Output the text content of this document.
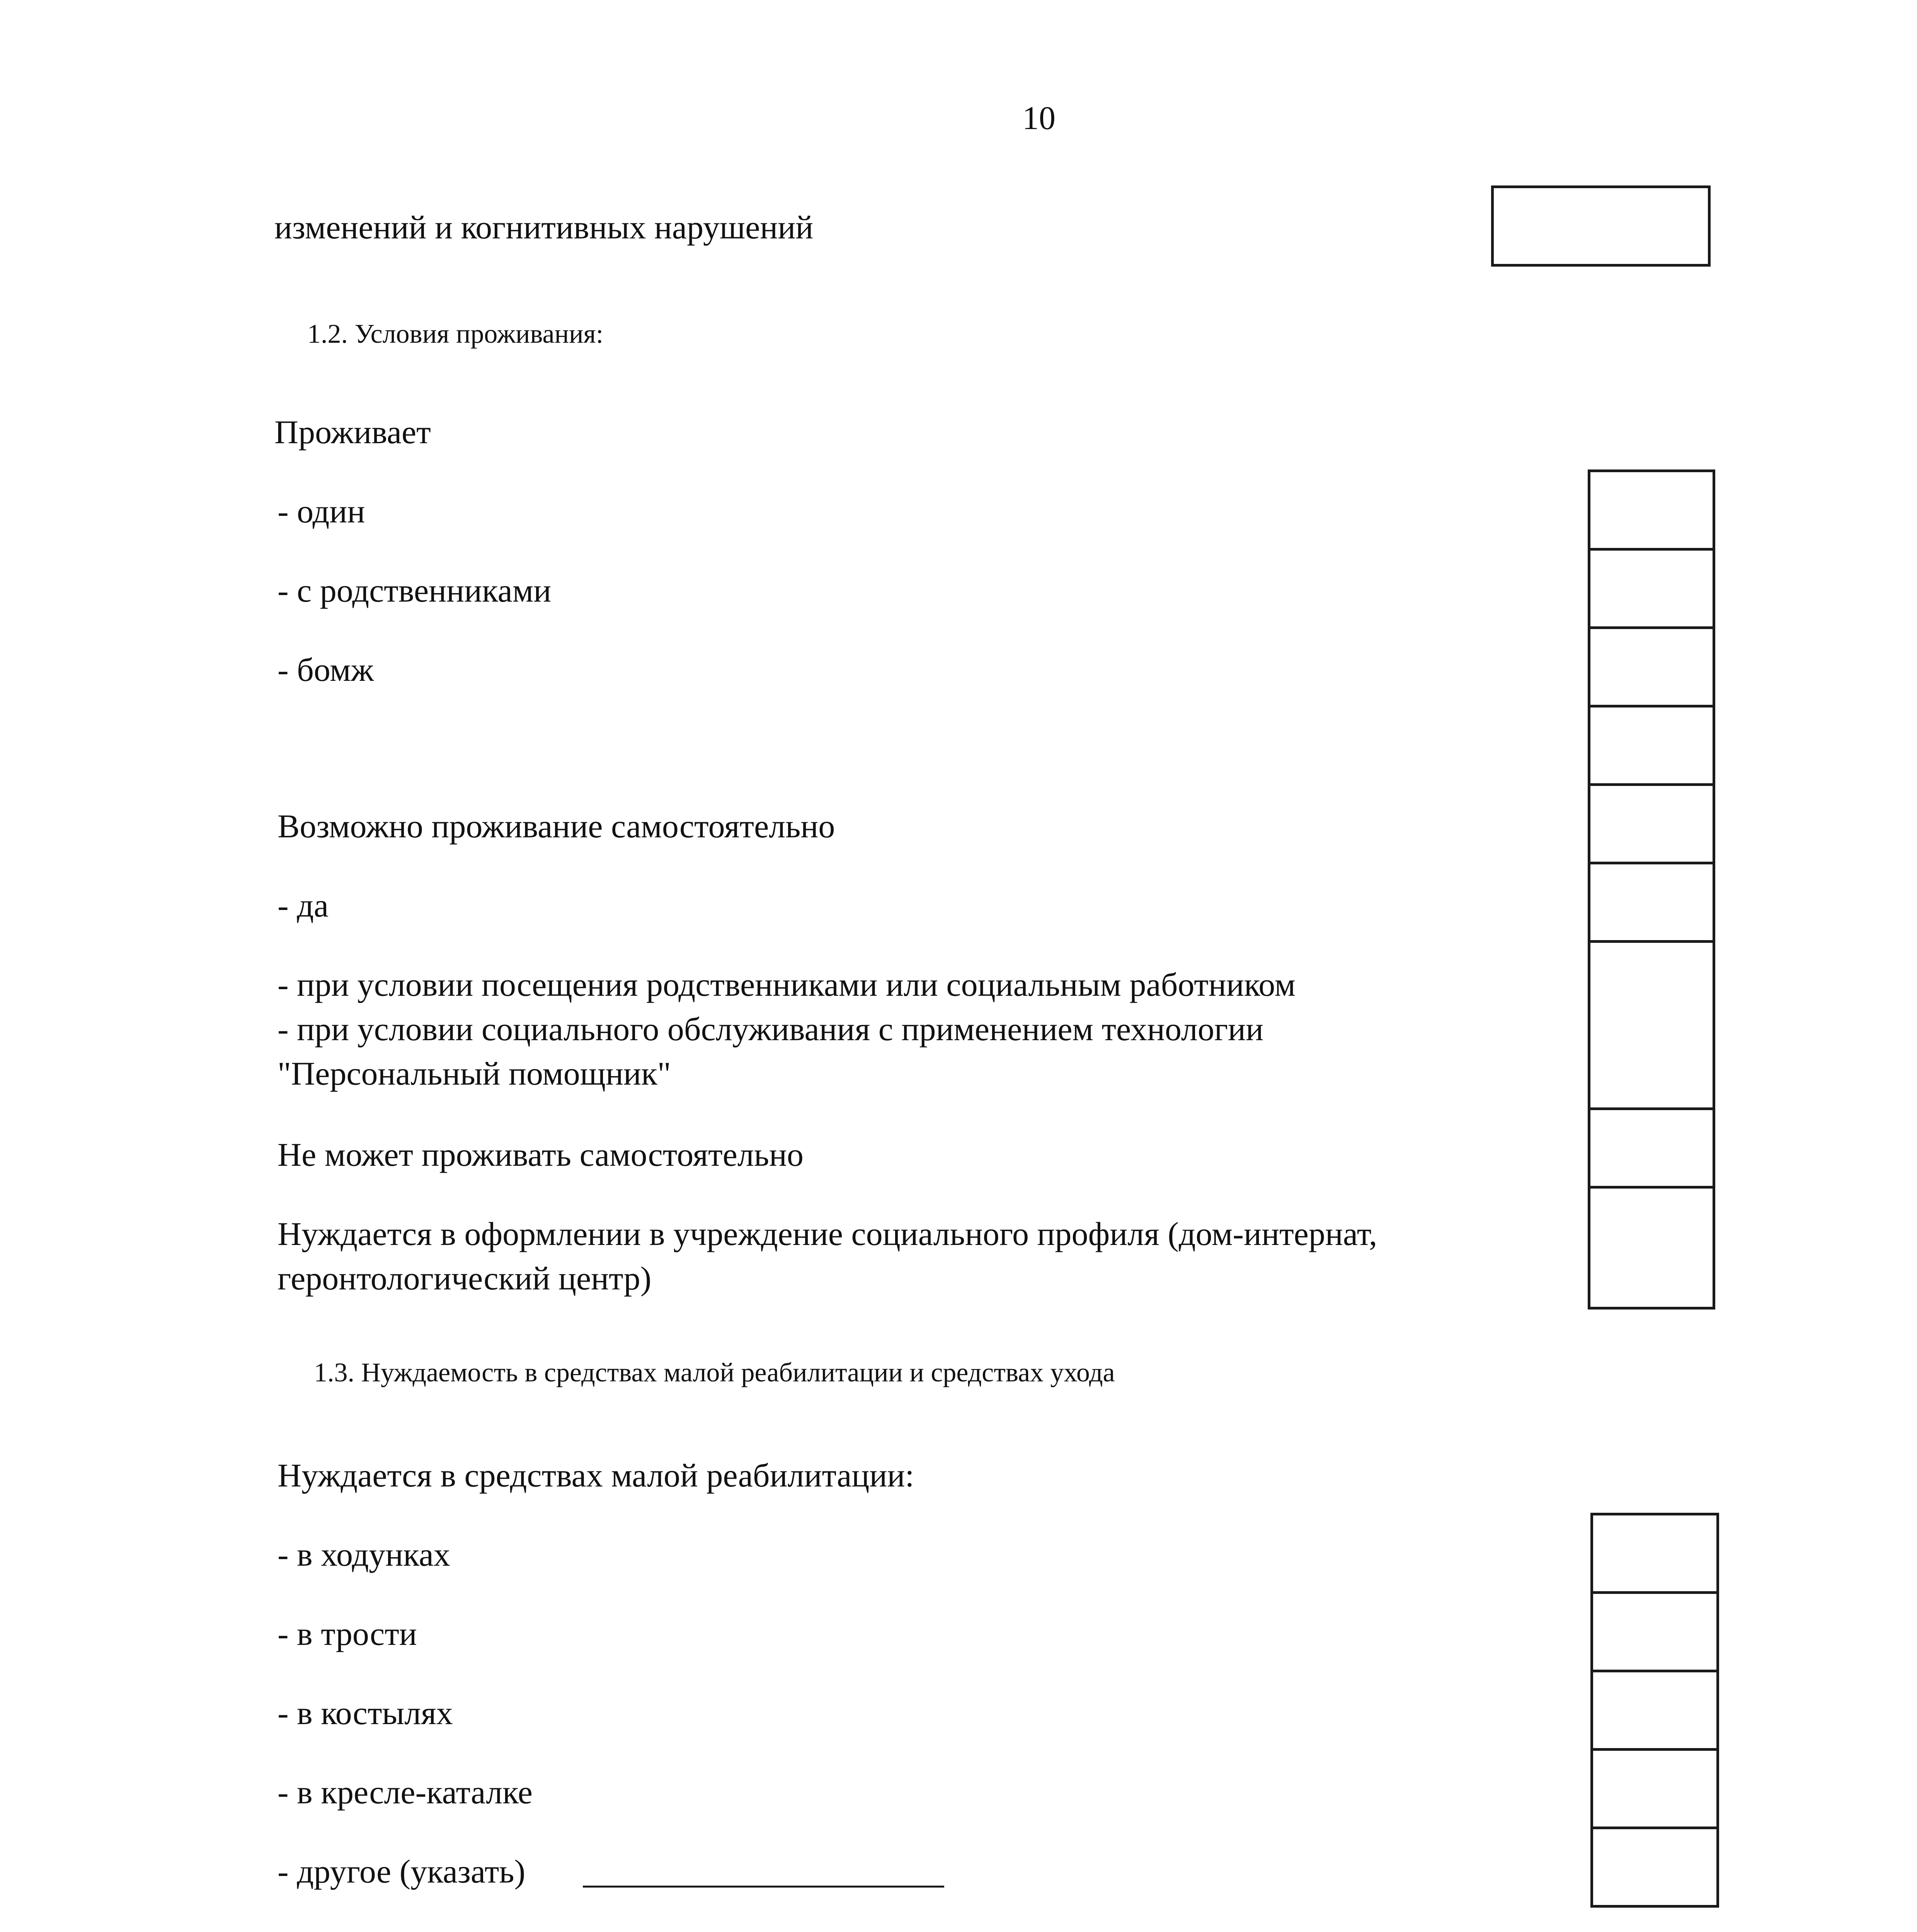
10
изменений и когнитивных нарушений
1.2. Условия проживания:
Проживает
- один
- с родственниками
- бомж
Возможно проживание самостоятельно
- да
- при условии посещения родственниками или социальным работником
- при условии социального обслуживания с применением технологии
"Персональный помощник"
Не может проживать самостоятельно
Нуждается в оформлении в учреждение социального профиля (дом-интернат,
геронтологический центр)
1.3. Нуждаемость в средствах малой реабилитации и средствах ухода
Нуждается в средствах малой реабилитации:
- в ходунках
- в трости
- в костылях
- в кресле-каталке
- другое (указать)
